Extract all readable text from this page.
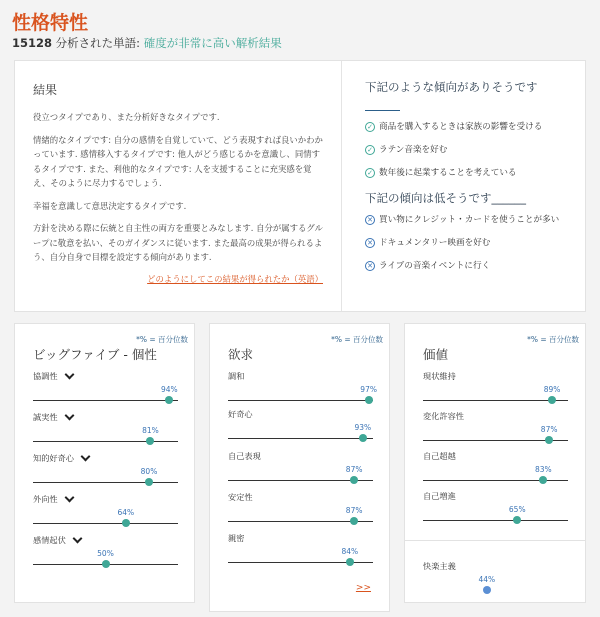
性格特性
15128 分析された単語: 確度が非常に高い解析結果
結果

役立つタイプであり、また分析好きなタイプです.

情緒的なタイプです: 自分の感情を自覚していて、どう表現すれば良いかわかっています. 感情移入するタイプです: 他人がどう感じるかを意識し、同情するタイプです. また、利他的なタイプです: 人を支援することに充実感を覚え、そのように尽力するでしょう.

幸福を意識して意思決定するタイプです.

方針を決める際に伝統と自主性の両方を重要とみなします. 自分が属するグループに敬意を払い、そのガイダンスに従います. また最高の成果が得られるよう、自分自身で目標を設定する傾向があります.

どのようにしてこの結果が得られたか（英語）
下記のような傾向がありそうです
✓ 商品を購入するときは家族の影響を受ける
✓ ラテン音楽を好む
✓ 数年後に起業することを考えている
下記の傾向は低そうです______
✕ 買い物にクレジット・カードを使うことが多い
✕ ドキュメンタリー映画を好む
✕ ライブの音楽イベントに行く
*% = 百分位数
ビッグファイブ - 個性
協調性
94%
誠実性
81%
知的好奇心
80%
外向性
64%
感情起伏
50%
*% = 百分位数
欲求
調和
97%
好奇心
93%
自己表現
87%
安定性
87%
親密
84%
>>
*% = 百分位数
価値
現状維持
89%
変化許容性
87%
自己超越
83%
自己増進
65%
快楽主義
44%
